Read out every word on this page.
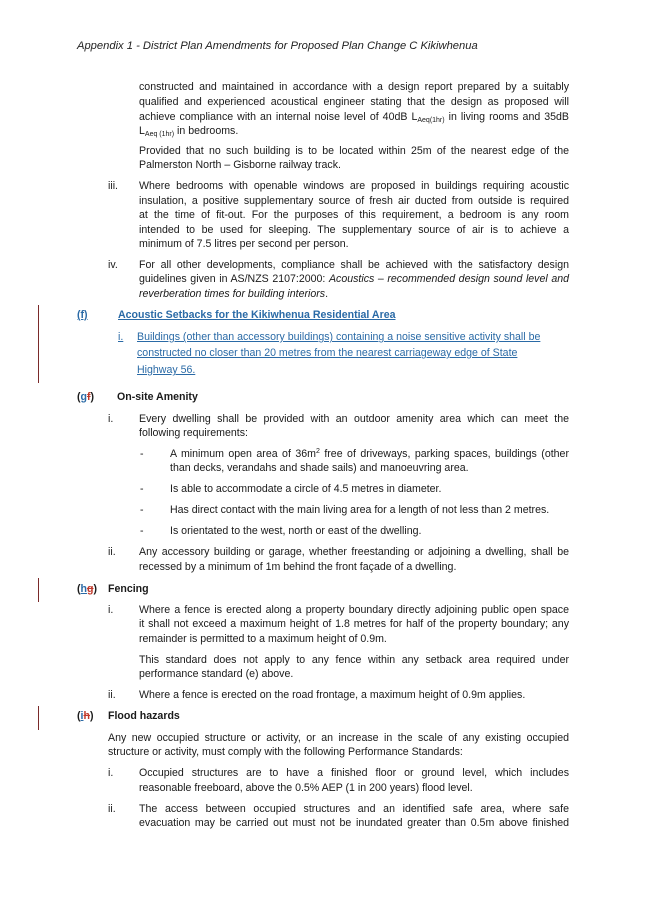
Appendix 1 - District Plan Amendments for Proposed Plan Change C Kikiwhenua
constructed and maintained in accordance with a design report prepared by a suitably
qualified and experienced acoustical engineer stating that the design as proposed will
achieve compliance with an internal noise level of 40dB $L_{Aeq(1hr)}$ in living rooms and 35dB
$L_{Aeq (1hr)}$ in bedrooms.
Provided that no such building is to be located within 25m of the nearest edge of the
Palmerston North – Gisborne railway track.
iii. Where bedrooms with openable windows are proposed in buildings requiring acoustic
insulation, a positive supplementary source of fresh air ducted from outside is required
at the time of fit-out. For the purposes of this requirement, a bedroom is any room
intended to be used for sleeping. The supplementary source of air is to achieve a
minimum of 7.5 litres per second per person.
iv. For all other developments, compliance shall be achieved with the satisfactory design
guidelines given in AS/NZS 2107:2000: Acoustics – recommended design sound level and
reverberation times for building interiors.
(f)	Acoustic Setbacks for the Kikiwhenua Residential Area
i. Buildings (other than accessory buildings) containing a noise sensitive activity shall be
constructed no closer than 20 metres from the nearest carriageway edge of State
Highway 56.
(gf) On-site Amenity
i. Every dwelling shall be provided with an outdoor amenity area which can meet the
following requirements:
- A minimum open area of $36m^2$ free of driveways, parking spaces, buildings (other
than decks, verandahs and shade sails) and manoeuvring area.
- Is able to accommodate a circle of 4.5 metres in diameter.
- Has direct contact with the main living area for a length of not less than 2 metres.
- Is orientated to the west, north or east of the dwelling.
ii. Any accessory building or garage, whether freestanding or adjoining a dwelling, shall be
recessed by a minimum of 1m behind the front façade of a dwelling.
(hg) Fencing
i. Where a fence is erected along a property boundary directly adjoining public open space
it shall not exceed a maximum height of 1.8 metres for half of the property boundary; any
remainder is permitted to a maximum height of 0.9m.
This standard does not apply to any fence within any setback area required under
performance standard (e) above.
ii. Where a fence is erected on the road frontage, a maximum height of 0.9m applies.
(ih) Flood hazards
Any new occupied structure or activity, or an increase in the scale of any existing occupied
structure or activity, must comply with the following Performance Standards:
i. Occupied structures are to have a finished floor or ground level, which includes
reasonable freeboard, above the 0.5% AEP (1 in 200 years) flood level.
ii. The access between occupied structures and an identified safe area, where safe
evacuation may be carried out must not be inundated greater than 0.5m above finished
